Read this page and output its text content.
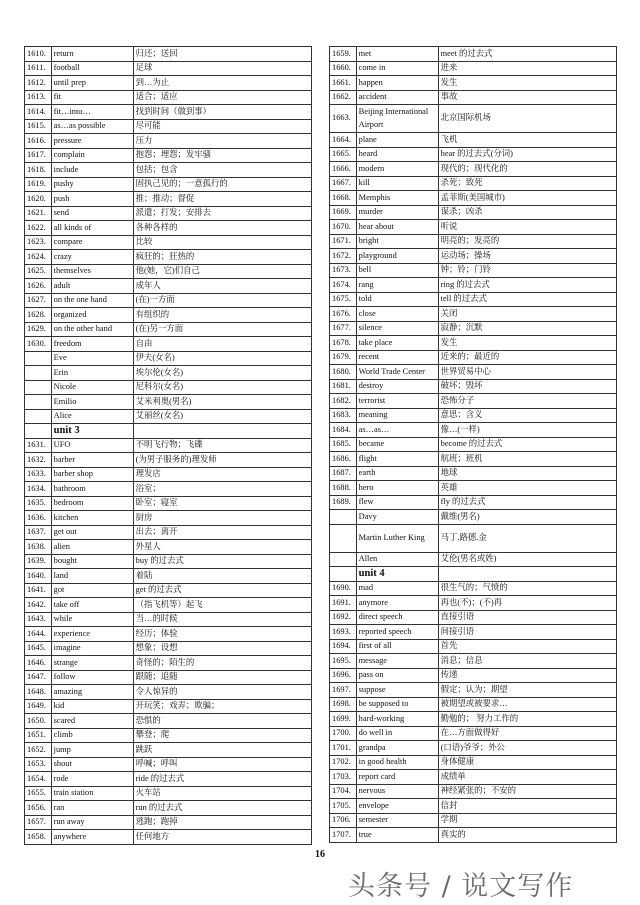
1610.	return	归还；送回
1611.	football	足球
1612.	until prep	到…为止
1613.	fit	适合；适应
1614.	fit…into…	找到时间（做到事）
1615.	as…as possible	尽可能
1616.	pressure	压力
1617.	complain	抱怨；埋怨；发牢骚
1618.	include	包括；包含
1619.	pushy	固执己见的；一意孤行的
1620.	push	推；推动；督促
1621.	send	派遣；打发；安排去
1622.	all kinds of	各种各样的
1623.	compare	比较
1624.	crazy	疯狂的；狂热的
1625.	themselves	他(她，它)们自己
1626.	adult	成年人
1627.	on the one hand	(在)一方面
1628.	organized	有组织的
1629.	on the other hand	(在)另一方面
1630.	freedom	自由
	Eve	伊夫(女名)
	Erin	埃尔伦(女名)
	Nicole	尼科尔(女名)
	Emilio	艾米利奥(男名)
	Alice	艾丽丝(女名)
	unit 3	
1631.	UFO	不明飞行物；飞碟
1632.	barber	(为男子服务的)理发师
1633.	barber shop	理发店
1634.	bathroom	浴室；
1635.	bedroom	卧室；寝室
1636.	kitchen	厨房
1637.	get out	出去；离开
1638.	alien	外星人
1639.	bought	buy 的过去式
1640.	land	着陆
1641.	got	get 的过去式
1642.	take off	（指飞机等）起飞
1643.	while	当…的时候
1644.	experience	经历；体验
1645.	imagine	想象；设想
1646.	strange	奇怪的；陌生的
1647.	follow	跟随；追随
1648.	amazing	令人惊异的
1649.	kid	开玩笑；戏弄；欺骗；
1650.	scared	恐惧的
1651.	climb	攀登；爬
1652.	jump	跳跃
1653.	shout	呼喊；呼叫
1654.	rode	ride 的过去式
1655.	train station	火车站
1656.	ran	run 的过去式
1657.	run away	逃跑；跑掉
1658.	anywhere	任何地方
1659.	met	meet 的过去式
1660.	come in	进来
1661.	happen	发生
1662.	accident	事故
1663.	Beijing International Airport	北京国际机场
1664.	plane	飞机
1665.	heard	hear 的过去式(分词)
1666.	modern	现代的；现代化的
1667.	kill	杀死；致死
1668.	Memphis	孟菲斯(美国城市)
1669.	murder	谋杀；凶杀
1670.	hear about	听说
1671.	bright	明亮的；发亮的
1672.	playground	运动场；操场
1673.	bell	钟；铃；门铃
1674.	rang	ring 的过去式
1675.	told	tell 的过去式
1676.	close	关闭
1677.	silence	寂静；沉默
1678.	take place	发生
1679.	recent	近来的；最近的
1680.	World Trade Center	世界贸易中心
1681.	destroy	破坏；毁坏
1682.	terrorist	恐怖分子
1683.	meaning	意思；含义
1684.	as…as…	像…(一样)
1685.	became	become 的过去式
1686.	flight	航班；班机
1687.	earth	地球
1688.	hero	英雄
1689.	flew	fly 的过去式
	Davy	戴维(男名)
	Martin Luther King	马丁.路德.金
	Allen	艾伦(男名或姓)
	unit 4	
1690.	mad	很生气的；气愤的
1691.	anymore	再也(不)；(不)再
1692.	direct speech	直接引语
1693.	reported speech	间接引语
1694.	first of all	首先
1695.	message	消息；信息
1696.	pass on	传递
1697.	suppose	假定；认为；期望
1698.	be supposed to	被期望或被要求…
1699.	hard-working	勤勉的； 努力工作的
1700.	do well in	在…方面做得好
1701.	grandpa	(口语)爷爷；外公
1702.	in good health	身体健康
1703.	report card	成绩单
1704.	nervous	神经紧张的；不安的
1705.	envelope	信封
1706.	semester	学期
1707.	true	真实的
16
头条号 / 说文写作
